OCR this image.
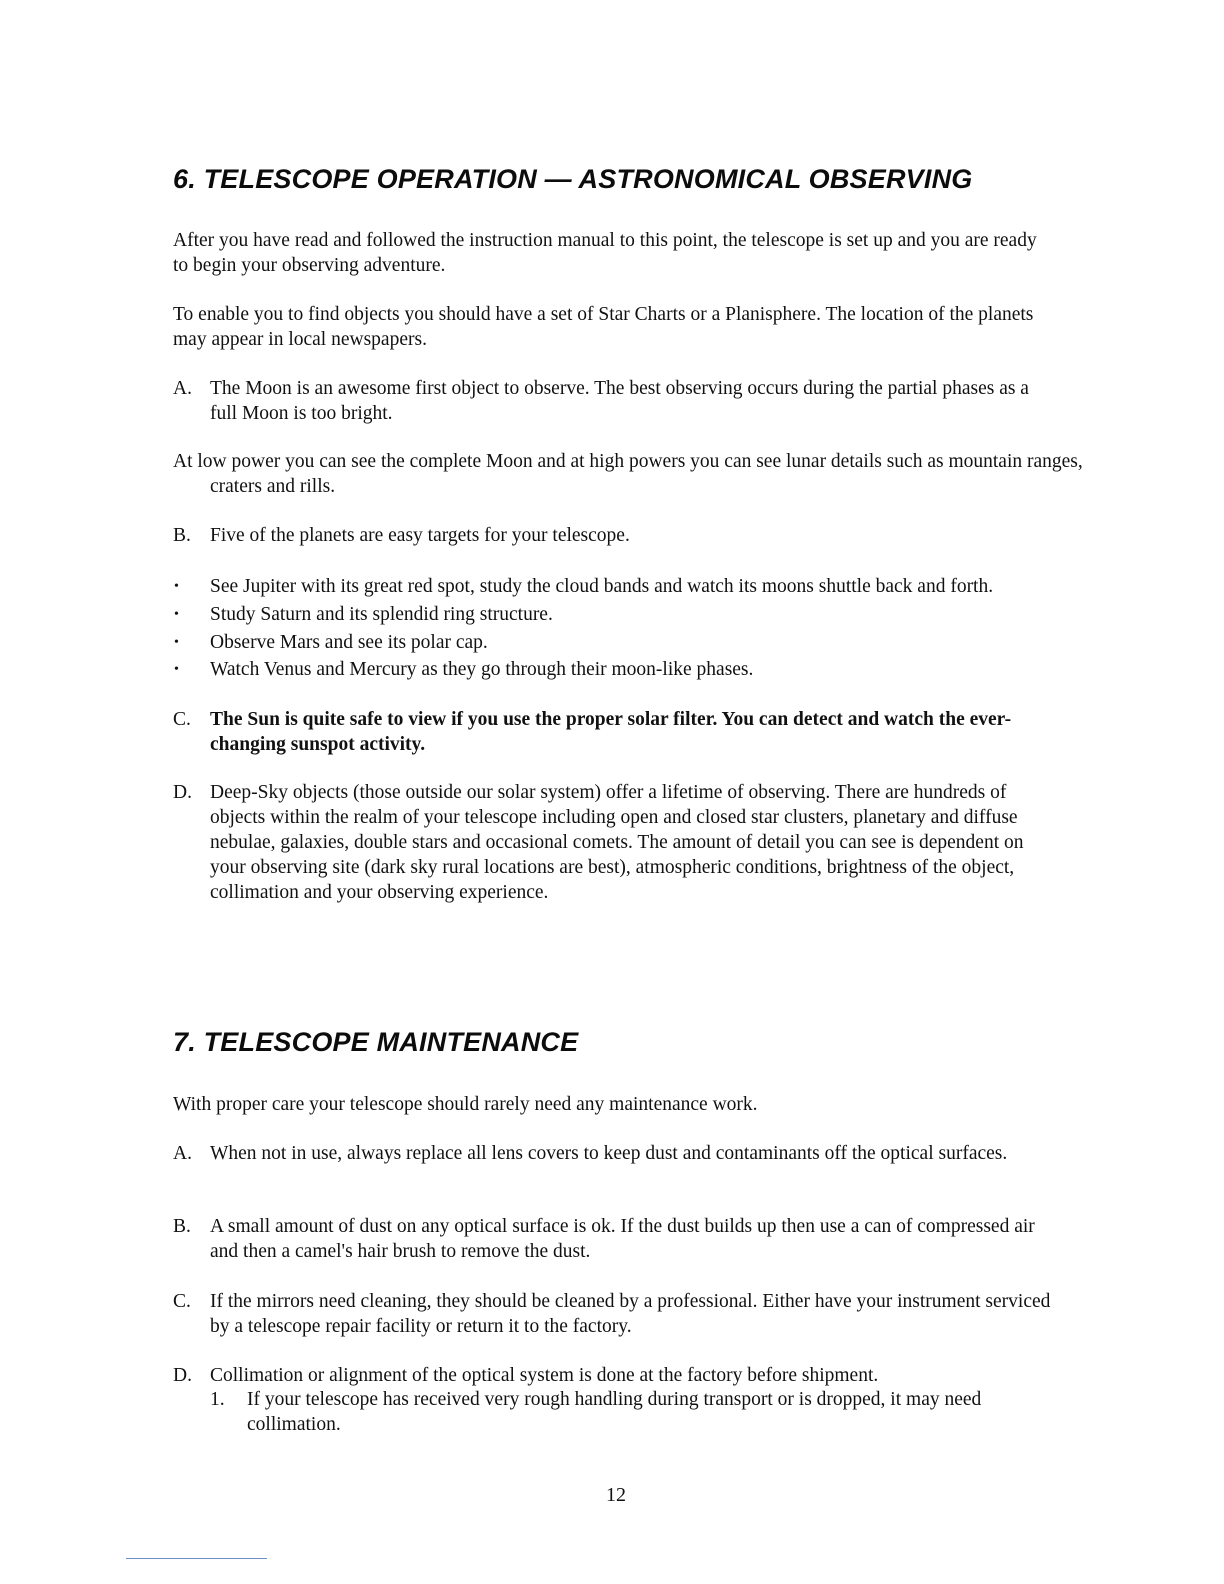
6. TELESCOPE OPERATION — ASTRONOMICAL OBSERVING

After you have read and followed the instruction manual to this point, the telescope is set up and you are ready to begin your observing adventure.

To enable you to find objects you should have a set of Star Charts or a Planisphere. The location of the planets may appear in local newspapers.

A. The Moon is an awesome first object to observe. The best observing occurs during the partial phases as a full Moon is too bright.

At low power you can see the complete Moon and at high powers you can see lunar details such as mountain ranges, craters and rills.

B. Five of the planets are easy targets for your telescope.
•	See Jupiter with its great red spot, study the cloud bands and watch its moons shuttle back and forth.
•	Study Saturn and its splendid ring structure.
•	Observe Mars and see its polar cap.
•	Watch Venus and Mercury as they go through their moon-like phases.
C. The Sun is quite safe to view if you use the proper solar filter. You can detect and watch the ever-changing sunspot activity.
D. Deep-Sky objects (those outside our solar system) offer a lifetime of observing. There are hundreds of objects within the realm of your telescope including open and closed star clusters, planetary and diffuse nebulae, galaxies, double stars and occasional comets. The amount of detail you can see is dependent on your observing site (dark sky rural locations are best), atmospheric conditions, brightness of the object, collimation and your observing experience.
7. TELESCOPE MAINTENANCE

With proper care your telescope should rarely need any maintenance work.

A. When not in use, always replace all lens covers to keep dust and contaminants off the optical surfaces.
B. A small amount of dust on any optical surface is ok. If the dust builds up then use a can of compressed air and then a camel's hair brush to remove the dust.
C. If the mirrors need cleaning, they should be cleaned by a professional. Either have your instrument serviced by a telescope repair facility or return it to the factory.
D. Collimation or alignment of the optical system is done at the factory before shipment.
1.	If your telescope has received very rough handling during transport or is dropped, it may need collimation.
12
